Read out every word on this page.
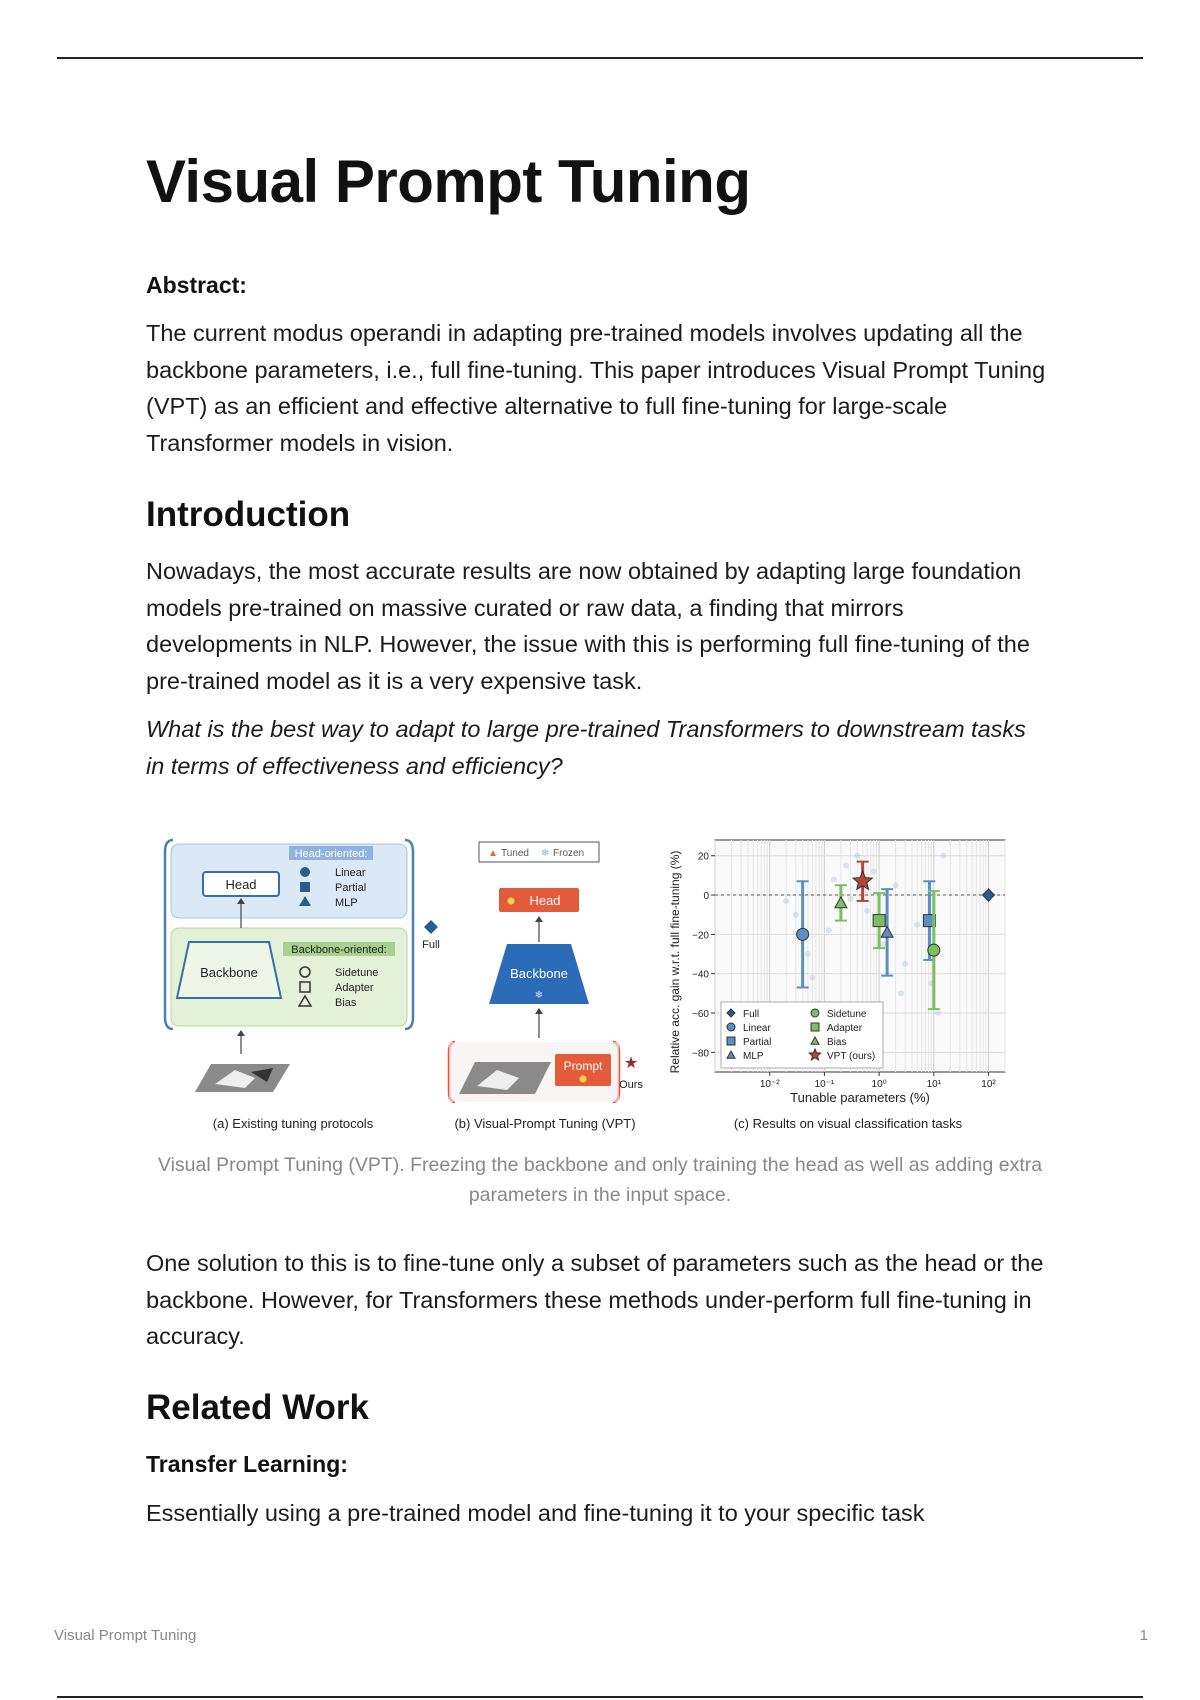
Visual Prompt Tuning

Abstract:

The current modus operandi in adapting pre-trained models involves updating all the backbone parameters, i.e., full fine-tuning. This paper introduces Visual Prompt Tuning (VPT) as an efficient and effective alternative to full fine-tuning for large-scale Transformer models in vision.

Introduction

Nowadays, the most accurate results are now obtained by adapting large foundation models pre-trained on massive curated or raw data, a finding that mirrors developments in NLP. However, the issue with this is performing full fine-tuning of the pre-trained model as it is a very expensive task.

What is the best way to adapt to large pre-trained Transformers to downstream tasks in terms of effectiveness and efficiency?

One solution to this is to fine-tune only a subset of parameters such as the head or the backbone. However, for Transformers these methods under-perform full fine-tuning in accuracy.

Related Work

Transfer Learning:

Essentially using a pre-trained model and fine-tuning it to your specific task

Head
Head-oriented:
Linear
Partial
MLP
Backbone
Backbone-oriented:
Sidetune
Adapter
Bias
Full
(a) Existing tuning protocols
▲ Tuned ❄ Frozen
Head
Backbone
❄
Prompt ★
Ours
(b) Visual-Prompt Tuning (VPT)
20
0
−20
−40
−60
−80
10⁻²	10⁻¹	10⁰	10¹	10²
Relative acc. gain w.r.t. full fine-tuning (%)
Tunable parameters (%)
Full
Linear
Partial
MLP
Sidetune
Adapter
Bias
VPT (ours)
(c) Results on visual classification tasks

Visual Prompt Tuning (VPT). Freezing the backbone and only training the head as well as adding extra parameters in the input space.

Visual Prompt Tuning	1
